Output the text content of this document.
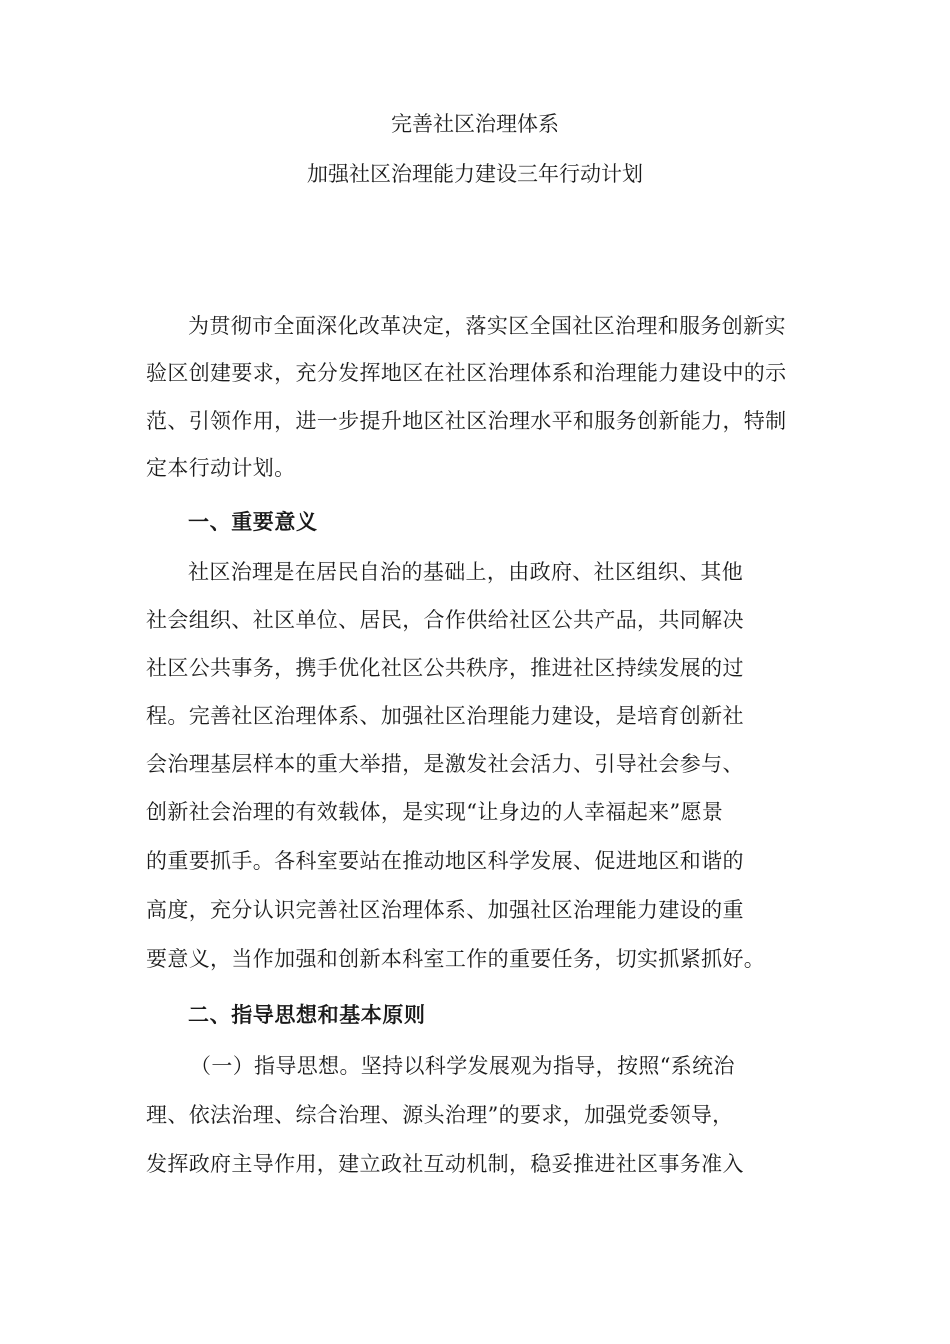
完善社区治理体系
加强社区治理能力建设三年行动计划
为贯彻市全面深化改革决定，落实区全国社区治理和服务创新实
验区创建要求，充分发挥地区在社区治理体系和治理能力建设中的示
范、引领作用，进一步提升地区社区治理水平和服务创新能力，特制
定本行动计划。
一、重要意义
社区治理是在居民自治的基础上，由政府、社区组织、其他
社会组织、社区单位、居民，合作供给社区公共产品，共同解决
社区公共事务，携手优化社区公共秩序，推进社区持续发展的过
程。完善社区治理体系、加强社区治理能力建设，是培育创新社
会治理基层样本的重大举措，是激发社会活力、引导社会参与、
创新社会治理的有效载体，是实现“让身边的人幸福起来”愿景
的重要抓手。各科室要站在推动地区科学发展、促进地区和谐的
高度，充分认识完善社区治理体系、加强社区治理能力建设的重
要意义，当作加强和创新本科室工作的重要任务，切实抓紧抓好。
二、指导思想和基本原则
（一）指导思想。坚持以科学发展观为指导，按照“系统治
理、依法治理、综合治理、源头治理”的要求，加强党委领导，
发挥政府主导作用，建立政社互动机制，稳妥推进社区事务准入
